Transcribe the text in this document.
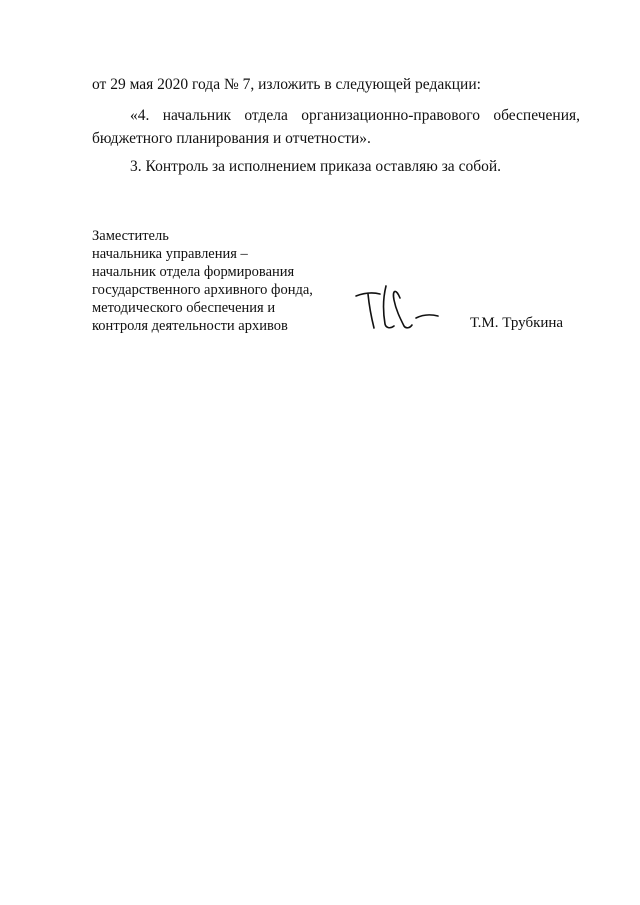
от 29 мая 2020 года № 7, изложить в следующей редакции:
«4. начальник отдела организационно-правового обеспечения,
бюджетного планирования и отчетности».
3. Контроль за исполнением приказа оставляю за собой.
Заместитель
начальника управления –
начальник отдела формирования
государственного архивного фонда,
методического обеспечения и
контроля деятельности архивов	Т.М. Трубкина
